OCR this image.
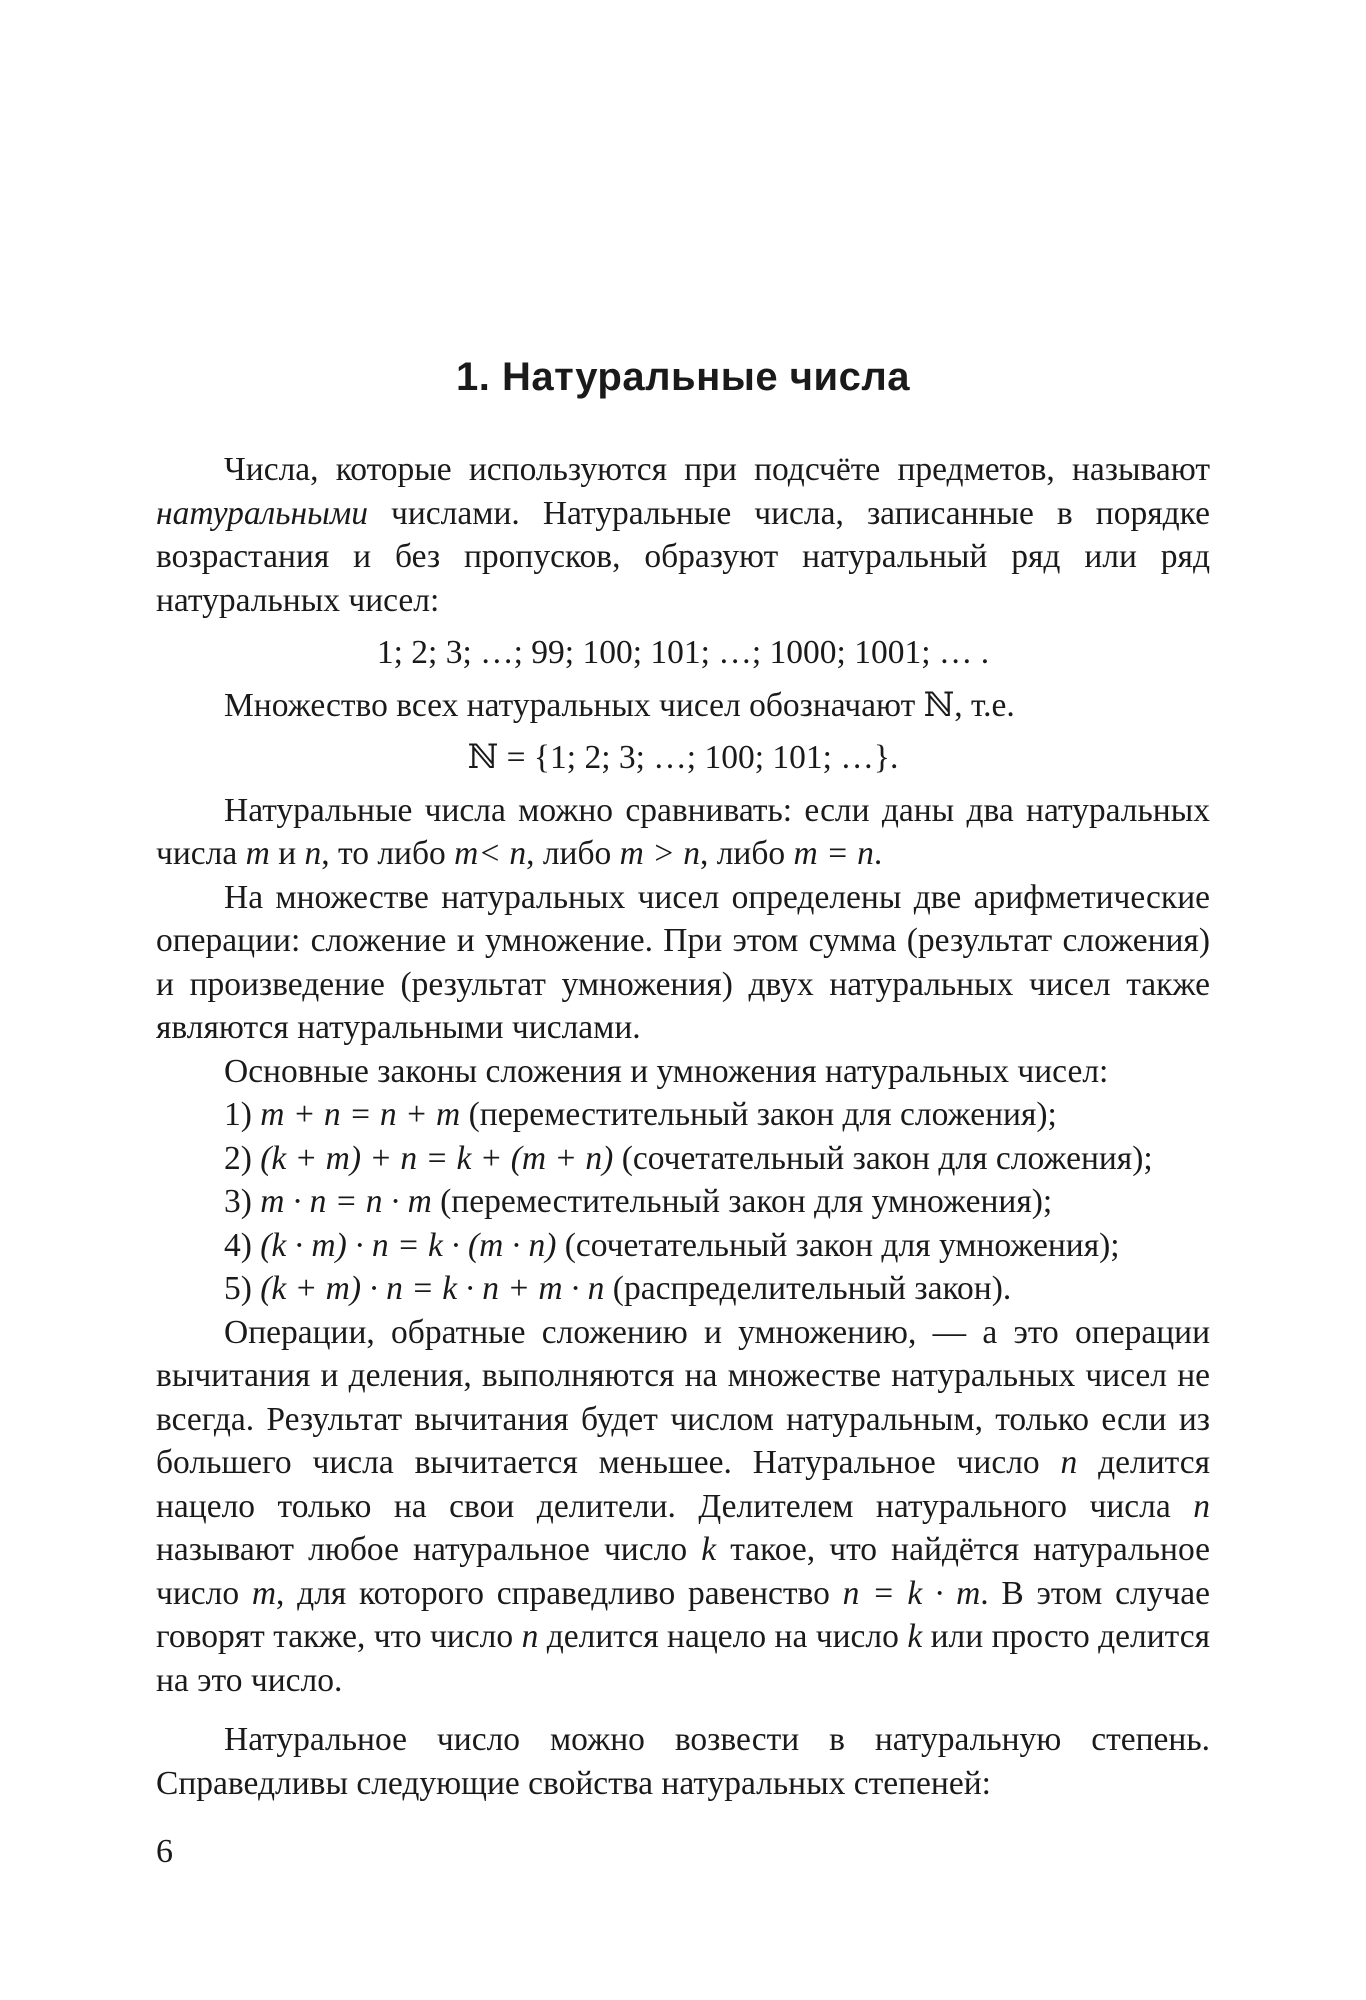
1. Натуральные числа

Числа, которые используются при подсчёте предметов, называют натуральными числами. Натуральные числа, записанные в порядке возрастания и без пропусков, образуют натуральный ряд или ряд натуральных чисел:

1; 2; 3; …; 99; 100; 101; …; 1000; 1001; … .

Множество всех натуральных чисел обозначают ℕ, т.е.

ℕ = {1; 2; 3; …; 100; 101; …}.

Натуральные числа можно сравнивать: если даны два натуральных числа m и n, то либо m< n, либо m > n, либо m = n.

На множестве натуральных чисел определены две арифметические операции: сложение и умножение. При этом сумма (результат сложения) и произведение (результат умножения) двух натуральных чисел также являются натуральными числами.

Основные законы сложения и умножения натуральных чисел:

1) m + n = n + m (переместительный закон для сложения);

2) (k + m) + n = k + (m + n) (сочетательный закон для сложения);

3) m · n = n · m (переместительный закон для умножения);

4) (k · m) · n = k · (m · n) (сочетательный закон для умножения);

5) (k + m) · n = k · n + m · n (распределительный закон).

Операции, обратные сложению и умножению, — а это операции вычитания и деления, выполняются на множестве натуральных чисел не всегда. Результат вычитания будет числом натуральным, только если из большего числа вычитается меньшее. Натуральное число n делится нацело только на свои делители. Делителем натурального числа n называют любое натуральное число k такое, что найдётся натуральное число m, для которого справедливо равенство n = k · m. В этом случае говорят также, что число n делится нацело на число k или просто делится на это число.

Натуральное число можно возвести в натуральную степень. Справедливы следующие свойства натуральных степеней:

6
